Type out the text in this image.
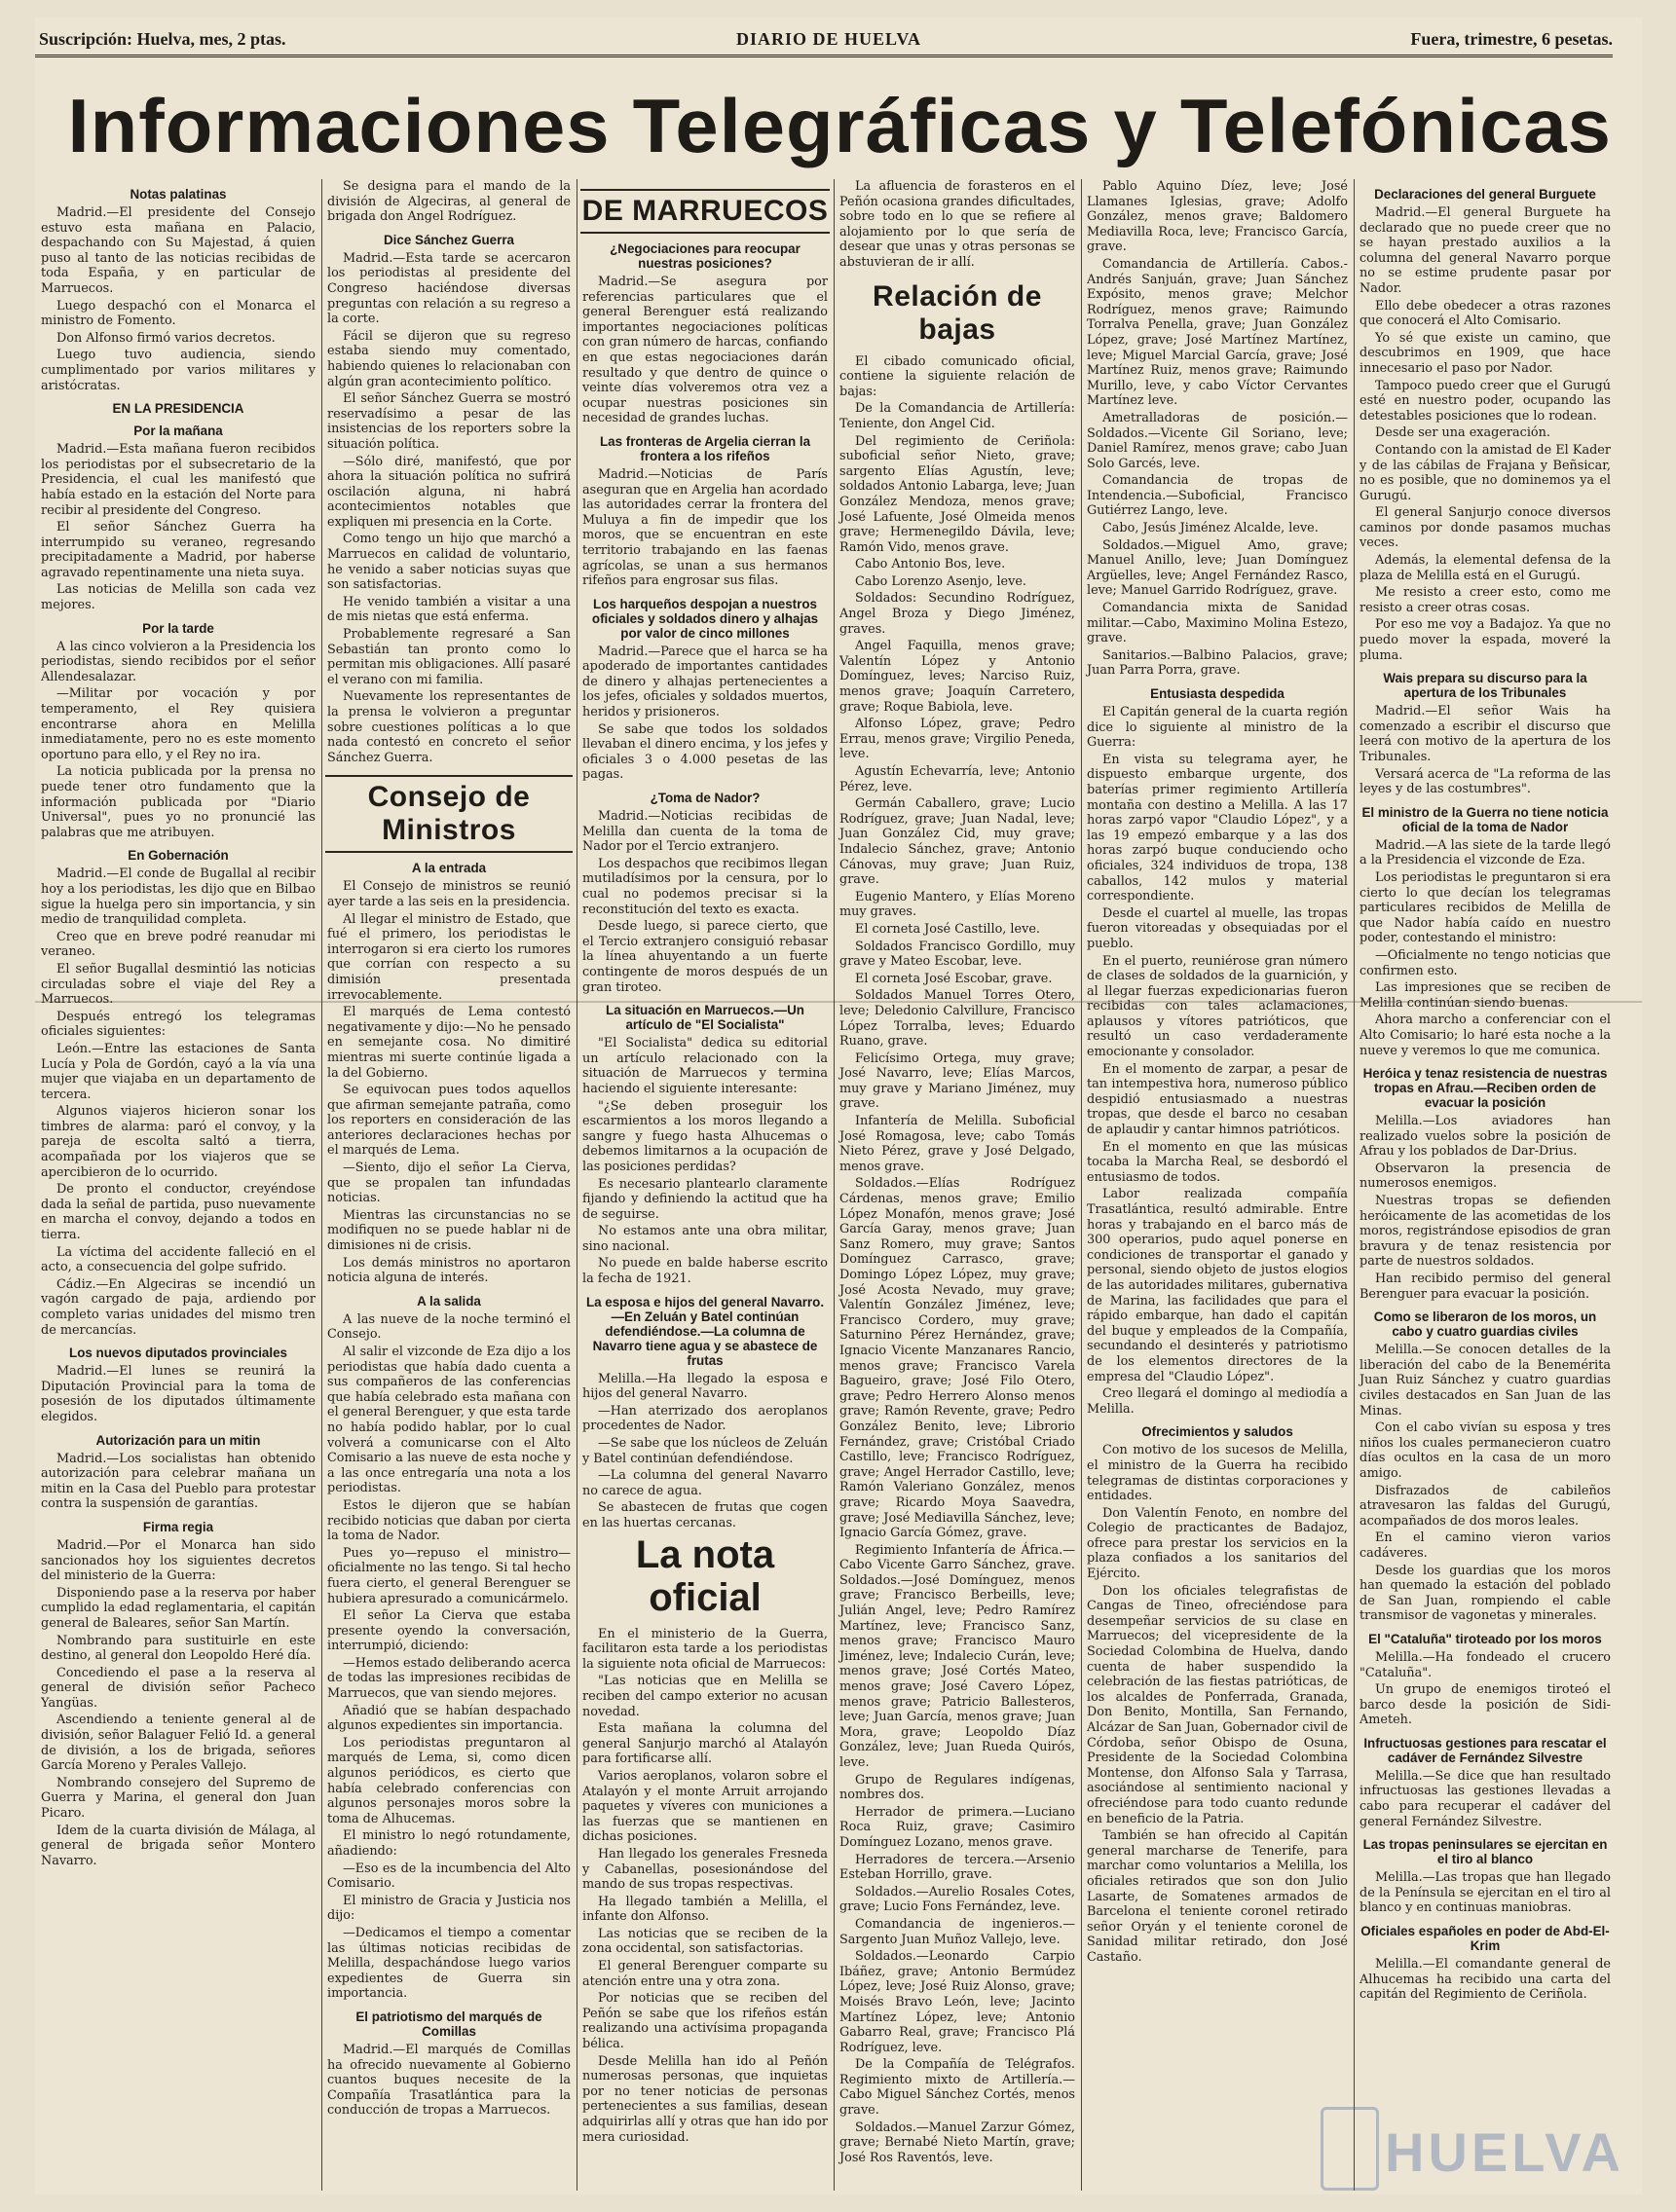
Suscripción: Huelva, mes, 2 ptas.	DIARIO DE HUELVA	Fuera, trimestre, 6 pesetas.
Informaciones Telegráficas y Telefónicas
Notas palatinas

Madrid.—El presidente del Consejo estuvo esta mañana en Palacio, despachando con Su Majestad, á quien puso al tanto de las noticias recibidas de toda España, y en particular de Marruecos.

Luego despachó con el Monarca el ministro de Fomento.

Don Alfonso firmó varios decretos.

Luego tuvo audiencia, siendo cumplimentado por varios militares y aristócratas.

EN LA PRESIDENCIA
Por la mañana

Madrid.—Esta mañana fueron recibidos los periodistas por el subsecretario de la Presidencia, el cual les manifestó que había estado en la estación del Norte para recibir al presidente del Congreso.

El señor Sánchez Guerra ha interrumpido su veraneo, regresando precipitadamente a Madrid, por haberse agravado repentinamente una nieta suya.

Las noticias de Melilla son cada vez mejores.

Por la tarde

A las cinco volvieron a la Presidencia los periodistas, siendo recibidos por el señor Allendesalazar.

—Militar por vocación y por temperamento, el Rey quisiera encontrarse ahora en Melilla inmediatamente, pero no es este momento oportuno para ello, y el Rey no ira.

La noticia publicada por la prensa no puede tener otro fundamento que la información publicada por "Diario Universal", pues yo no pronuncié las palabras que me atribuyen.

En Gobernación

Madrid.—El conde de Bugallal al recibir hoy a los periodistas, les dijo que en Bilbao sigue la huelga pero sin importancia, y sin medio de tranquilidad completa.

Creo que en breve podré reanudar mi veraneo.

El señor Bugallal desmintió las noticias circuladas sobre el viaje del Rey a Marruecos.

Después entregó los telegramas oficiales siguientes:

León.—Entre las estaciones de Santa Lucía y Pola de Gordón, cayó a la vía una mujer que viajaba en un departamento de tercera.

Algunos viajeros hicieron sonar los timbres de alarma: paró el convoy, y la pareja de escolta saltó a tierra, acompañada por los viajeros que se apercibieron de lo ocurrido.

De pronto el conductor, creyéndose dada la señal de partida, puso nuevamente en marcha el convoy, dejando a todos en tierra.

La víctima del accidente falleció en el acto, a consecuencia del golpe sufrido.

Cádiz.—En Algeciras se incendió un vagón cargado de paja, ardiendo por completo varias unidades del mismo tren de mercancías.

Los nuevos diputados provinciales

Madrid.—El lunes se reunirá la Diputación Provincial para la toma de posesión de los diputados últimamente elegidos.

Autorización para un mitin

Madrid.—Los socialistas han obtenido autorización para celebrar mañana un mitin en la Casa del Pueblo para protestar contra la suspensión de garantías.

Firma regia

Madrid.—Por el Monarca han sido sancionados hoy los siguientes decretos del ministerio de la Guerra:

Disponiendo pase a la reserva por haber cumplido la edad reglamentaria, el capitán general de Baleares, señor San Martín.

Nombrando para sustituirle en este destino, al general don Leopoldo Heré día.

Concediendo el pase a la reserva al general de división señor Pacheco Yangüas.

Ascendiendo a teniente general al de división, señor Balaguer Felió Id. a general de división, a los de brigada, señores García Moreno y Perales Vallejo.

Nombrando consejero del Supremo de Guerra y Marina, el general don Juan Picaro.

Idem de la cuarta división de Málaga, al general de brigada señor Montero Navarro.

Se designa para el mando de la división de Algeciras, al general de brigada don Angel Rodríguez.

Dice Sánchez Guerra

Madrid.—Esta tarde se acercaron los periodistas al presidente del Congreso haciéndose diversas preguntas con relación a su regreso a la corte.

Fácil se dijeron que su regreso estaba siendo muy comentado, habiendo quienes lo relacionaban con algún gran acontecimiento político.

El señor Sánchez Guerra se mostró reservadísimo a pesar de las insistencias de los reporters sobre la situación política.

—Sólo diré, manifestó, que por ahora la situación política no sufrirá oscilación alguna, ni habrá acontecimientos notables que expliquen mi presencia en la Corte.

Como tengo un hijo que marchó a Marruecos en calidad de voluntario, he venido a saber noticias suyas que son satisfactorias.

He venido también a visitar a una de mis nietas que está enferma.

Probablemente regresaré a San Sebastián tan pronto como lo permitan mis obligaciones. Allí pasaré el verano con mi familia.

Nuevamente los representantes de la prensa le volvieron a preguntar sobre cuestiones políticas a lo que nada contestó en concreto el señor Sánchez Guerra.

Consejo de Ministros
A la entrada

El Consejo de ministros se reunió ayer tarde a las seis en la presidencia.

Al llegar el ministro de Estado, que fué el primero, los periodistas le interrogaron si era cierto los rumores que corrían con respecto a su dimisión presentada irrevocablemente.

El marqués de Lema contestó negativamente y dijo:—No he pensado en semejante cosa. No dimitiré mientras mi suerte continúe ligada a la del Gobierno.

Se equivocan pues todos aquellos que afirman semejante patraña, como los reporters en consideración de las anteriores declaraciones hechas por el marqués de Lema.

—Siento, dijo el señor La Cierva, que se propalen tan infundadas noticias.

Mientras las circunstancias no se modifiquen no se puede hablar ni de dimisiones ni de crisis.

Los demás ministros no aportaron noticia alguna de interés.

A la salida

A las nueve de la noche terminó el Consejo.

Al salir el vizconde de Eza dijo a los periodistas que había dado cuenta a sus compañeros de las conferencias que había celebrado esta mañana con el general Berenguer, y que esta tarde no había podido hablar, por lo cual volverá a comunicarse con el Alto Comisario a las nueve de esta noche y a las once entregaría una nota a los periodistas.

Estos le dijeron que se habían recibido noticias que daban por cierta la toma de Nador.

Pues yo—repuso el ministro—oficialmente no las tengo. Si tal hecho fuera cierto, el general Berenguer se hubiera apresurado a comunicármelo.

El señor La Cierva que estaba presente oyendo la conversación, interrumpió, diciendo:

—Hemos estado deliberando acerca de todas las impresiones recibidas de Marruecos, que van siendo mejores.

Añadió que se habían despachado algunos expedientes sin importancia.

Los periodistas preguntaron al marqués de Lema, si, como dicen algunos periódicos, es cierto que había celebrado conferencias con algunos personajes moros sobre la toma de Alhucemas.

El ministro lo negó rotundamente, añadiendo:

—Eso es de la incumbencia del Alto Comisario.

El ministro de Gracia y Justicia nos dijo:

—Dedicamos el tiempo a comentar las últimas noticias recibidas de Melilla, despachándose luego varios expedientes de Guerra sin importancia.

El patriotismo del marqués de Comillas

Madrid.—El marqués de Comillas ha ofrecido nuevamente al Gobierno cuantos buques necesite de la Compañía Trasatlántica para la conducción de tropas a Marruecos.

DE MARRUECOS
¿Negociaciones para reocupar nuestras posiciones?

Madrid.—Se asegura por referencias particulares que el general Berenguer está realizando importantes negociaciones políticas con gran número de harcas, confiando en que estas negociaciones darán resultado y que dentro de quince o veinte días volveremos otra vez a ocupar nuestras posiciones sin necesidad de grandes luchas.

Las fronteras de Argelia cierran la frontera a los rifeños

Madrid.—Noticias de París aseguran que en Argelia han acordado las autoridades cerrar la frontera del Muluya a fin de impedir que los moros, que se encuentran en este territorio trabajando en las faenas agrícolas, se unan a sus hermanos rifeños para engrosar sus filas.

Los harqueños despojan a nuestros oficiales y soldados dinero y alhajas por valor de cinco millones

Madrid.—Parece que el harca se ha apoderado de importantes cantidades de dinero y alhajas pertenecientes a los jefes, oficiales y soldados muertos, heridos y prisioneros.

Se sabe que todos los soldados llevaban el dinero encima, y los jefes y oficiales 3 o 4.000 pesetas de las pagas.

¿Toma de Nador?

Madrid.—Noticias recibidas de Melilla dan cuenta de la toma de Nador por el Tercio extranjero.

Los despachos que recibimos llegan mutiladísimos por la censura, por lo cual no podemos precisar si la reconstitución del texto es exacta.

Desde luego, si parece cierto, que el Tercio extranjero consiguió rebasar la línea ahuyentando a un fuerte contingente de moros después de un gran tiroteo.

La situación en Marruecos.—Un artículo de "El Socialista"

"El Socialista" dedica su editorial un artículo relacionado con la situación de Marruecos y termina haciendo el siguiente interesante:

"¿Se deben proseguir los escarmientos a los moros llegando a sangre y fuego hasta Alhucemas o debemos limitarnos a la ocupación de las posiciones perdidas?

Es necesario plantearlo claramente fijando y definiendo la actitud que ha de seguirse.

No estamos ante una obra militar, sino nacional.

No puede en balde haberse escrito la fecha de 1921.

La esposa e hijos del general Navarro.—En Zeluán y Batel continúan defendiéndose.—La columna de Navarro tiene agua y se abastece de frutas

Melilla.—Ha llegado la esposa e hijos del general Navarro.

—Han aterrizado dos aeroplanos procedentes de Nador.

—Se sabe que los núcleos de Zeluán y Batel continúan defendiéndose.

—La columna del general Navarro no carece de agua.

Se abastecen de frutas que cogen en las huertas cercanas.

La nota oficial

En el ministerio de la Guerra, facilitaron esta tarde a los periodistas la siguiente nota oficial de Marruecos:

"Las noticias que en Melilla se reciben del campo exterior no acusan novedad.

Esta mañana la columna del general Sanjurjo marchó al Atalayón para fortificarse allí.

Varios aeroplanos, volaron sobre el Atalayón y el monte Arruit arrojando paquetes y víveres con municiones a las fuerzas que se mantienen en dichas posiciones.

Han llegado los generales Fresneda y Cabanellas, posesionándose del mando de sus tropas respectivas.

Ha llegado también a Melilla, el infante don Alfonso.

Las noticias que se reciben de la zona occidental, son satisfactorias.

El general Berenguer comparte su atención entre una y otra zona.

Por noticias que se reciben del Peñón se sabe que los rifeños están realizando una activísima propaganda bélica.

Desde Melilla han ido al Peñón numerosas personas, que inquietas por no tener noticias de personas pertenecientes a sus familias, desean adquirirlas allí y otras que han ido por mera curiosidad.

La afluencia de forasteros en el Peñón ocasiona grandes dificultades, sobre todo en lo que se refiere al alojamiento por lo que sería de desear que unas y otras personas se abstuvieran de ir allí.

Relación de bajas

El cibado comunicado oficial, contiene la siguiente relación de bajas:

De la Comandancia de Artillería: Teniente, don Angel Cid.

Del regimiento de Ceriñola: suboficial señor Nieto, grave; sargento Elías Agustín, leve; soldados Antonio Labarga, leve; Juan González Mendoza, menos grave; José Lafuente, José Olmeida menos grave; Hermenegildo Dávila, leve; Ramón Vido, menos grave.

Cabo Antonio Bos, leve.

Cabo Lorenzo Asenjo, leve.

Soldados: Secundino Rodríguez, Angel Broza y Diego Jiménez, graves.

Angel Faquilla, menos grave; Valentín López y Antonio Domínguez, leves; Narciso Ruiz, menos grave; Joaquín Carretero, grave; Roque Babiola, leve.

Alfonso López, grave; Pedro Errau, menos grave; Virgilio Peneda, leve.

Agustín Echevarría, leve; Antonio Pérez, leve.

Germán Caballero, grave; Lucio Rodríguez, grave; Juan Nadal, leve; Juan González Cid, muy grave; Indalecio Sánchez, grave; Antonio Cánovas, muy grave; Juan Ruiz, grave.

Eugenio Mantero, y Elías Moreno muy graves.

El corneta José Castillo, leve.

Soldados Francisco Gordillo, muy grave y Mateo Escobar, leve.

El corneta José Escobar, grave.

Soldados Manuel Torres Otero, leve; Deledonio Calvillure, Francisco López Torralba, leves; Eduardo Ruano, grave.

Felicísimo Ortega, muy grave; José Navarro, leve; Elías Marcos, muy grave y Mariano Jiménez, muy grave.

Infantería de Melilla. Suboficial José Romagosa, leve; cabo Tomás Nieto Pérez, grave y José Delgado, menos grave.

Soldados.—Elías Rodríguez Cárdenas, menos grave; Emilio López Monafón, menos grave; José García Garay, menos grave; Juan Sanz Romero, muy grave; Santos Domínguez Carrasco, grave; Domingo López López, muy grave; José Acosta Nevado, muy grave; Valentín González Jiménez, leve; Francisco Cordero, muy grave; Saturnino Pérez Hernández, grave; Ignacio Vicente Manzanares Rancio, menos grave; Francisco Varela Bagueiro, grave; José Filo Otero, grave; Pedro Herrero Alonso menos grave; Ramón Revente, grave; Pedro González Benito, leve; Librorio Fernández, grave; Cristóbal Criado Castillo, leve; Francisco Rodríguez, grave; Angel Herrador Castillo, leve; Ramón Valeriano González, menos grave; Ricardo Moya Saavedra, grave; José Mediavilla Sánchez, leve; Ignacio García Gómez, grave.

Regimiento Infantería de África.—Cabo Vicente Garro Sánchez, grave. Soldados.—José Domínguez, menos grave; Francisco Berbeills, leve; Julián Angel, leve; Pedro Ramírez Martínez, leve; Francisco Sanz, menos grave; Francisco Mauro Jiménez, leve; Indalecio Curán, leve; menos grave; José Cortés Mateo, menos grave; José Cavero López, menos grave; Patricio Ballesteros, leve; Juan García, menos grave; Juan Mora, grave; Leopoldo Díaz González, leve; Juan Rueda Quirós, leve.

Grupo de Regulares indígenas, nombres dos.

Herrador de primera.—Luciano Roca Ruiz, grave; Casimiro Domínguez Lozano, menos grave.

Herradores de tercera.—Arsenio Esteban Horrillo, grave.

Soldados.—Aurelio Rosales Cotes, grave; Lucio Fons Fernández, leve.

Comandancia de ingenieros.—Sargento Juan Muñoz Vallejo, leve.

Soldados.—Leonardo Carpio Ibáñez, grave; Antonio Bermúdez López, leve; José Ruiz Alonso, grave; Moisés Bravo León, leve; Jacinto Martínez López, leve; Antonio Gabarro Real, grave; Francisco Plá Rodríguez, leve.

De la Compañía de Telégrafos. Regimiento mixto de Artillería.—Cabo Miguel Sánchez Cortés, menos grave.

Soldados.—Manuel Zarzur Gómez, grave; Bernabé Nieto Martín, grave; José Ros Raventós, leve.

Pablo Aquino Díez, leve; José Llamanes Iglesias, grave; Adolfo González, menos grave; Baldomero Mediavilla Roca, leve; Francisco García, grave.

Comandancia de Artillería. Cabos.-Andrés Sanjuán, grave; Juan Sánchez Expósito, menos grave; Melchor Rodríguez, menos grave; Raimundo Torralva Penella, grave; Juan González López, grave; José Martínez Martínez, leve; Miguel Marcial García, grave; José Martínez Ruiz, menos grave; Raimundo Murillo, leve, y cabo Víctor Cervantes Martínez leve.

Ametralladoras de posición.—Soldados.—Vicente Gil Soriano, leve; Daniel Ramírez, menos grave; cabo Juan Solo Garcés, leve.

Comandancia de tropas de Intendencia.—Suboficial, Francisco Gutiérrez Lango, leve.

Cabo, Jesús Jiménez Alcalde, leve.

Soldados.—Miguel Amo, grave; Manuel Anillo, leve; Juan Domínguez Argüelles, leve; Angel Fernández Rasco, leve; Manuel Garrido Rodríguez, grave.

Comandancia mixta de Sanidad militar.—Cabo, Maximino Molina Estezo, grave.

Sanitarios.—Balbino Palacios, grave; Juan Parra Porra, grave.

Entusiasta despedida

El Capitán general de la cuarta región dice lo siguiente al ministro de la Guerra:

En vista su telegrama ayer, he dispuesto embarque urgente, dos baterías primer regimiento Artillería montaña con destino a Melilla. A las 17 horas zarpó vapor "Claudio López", y a las 19 empezó embarque y a las dos horas zarpó buque conduciendo ocho oficiales, 324 individuos de tropa, 138 caballos, 142 mulos y material correspondiente.

Desde el cuartel al muelle, las tropas fueron vitoreadas y obsequiadas por el pueblo.

En el puerto, reuniérose gran número de clases de soldados de la guarnición, y al llegar fuerzas expedicionarias fueron recibidas con tales aclamaciones, aplausos y vítores patrióticos, que resultó un caso verdaderamente emocionante y consolador.

En el momento de zarpar, a pesar de tan intempestiva hora, numeroso público despidió entusiasmado a nuestras tropas, que desde el barco no cesaban de aplaudir y cantar himnos patrióticos.

En el momento en que las músicas tocaba la Marcha Real, se desbordó el entusiasmo de todos.

Labor realizada compañía Trasatlántica, resultó admirable. Entre horas y trabajando en el barco más de 300 operarios, pudo aquel ponerse en condiciones de transportar el ganado y personal, siendo objeto de justos elogios de las autoridades militares, gubernativa de Marina, las facilidades que para el rápido embarque, han dado el capitán del buque y empleados de la Compañía, secundando el desinterés y patriotismo de los elementos directores de la empresa del "Claudio López".

Creo llegará el domingo al mediodía a Melilla.

Ofrecimientos y saludos

Con motivo de los sucesos de Melilla, el ministro de la Guerra ha recibido telegramas de distintas corporaciones y entidades.

Don Valentín Fenoto, en nombre del Colegio de practicantes de Badajoz, ofrece para prestar los servicios en la plaza confiados a los sanitarios del Ejército.

Don los oficiales telegrafistas de Cangas de Tineo, ofreciéndose para desempeñar servicios de su clase en Marruecos; del vicepresidente de la Sociedad Colombina de Huelva, dando cuenta de haber suspendido la celebración de las fiestas patrióticas, de los alcaldes de Ponferrada, Granada, Don Benito, Montilla, San Fernando, Alcázar de San Juan, Gobernador civil de Córdoba, señor Obispo de Osuna, Presidente de la Sociedad Colombina Montense, don Alfonso Sala y Tarrasa, asociándose al sentimiento nacional y ofreciéndose para todo cuanto redunde en beneficio de la Patria.

También se han ofrecido al Capitán general marcharse de Tenerife, para marchar como voluntarios a Melilla, los oficiales retirados que son don Julio Lasarte, de Somatenes armados de Barcelona el teniente coronel retirado señor Oryán y el teniente coronel de Sanidad militar retirado, don José Castaño.

Declaraciones del general Burguete

Madrid.—El general Burguete ha declarado que no puede creer que no se hayan prestado auxilios a la columna del general Navarro porque no se estime prudente pasar por Nador.

Ello debe obedecer a otras razones que conocerá el Alto Comisario.

Yo sé que existe un camino, que descubrimos en 1909, que hace innecesario el paso por Nador.

Tampoco puedo creer que el Gurugú esté en nuestro poder, ocupando las detestables posiciones que lo rodean.

Desde ser una exageración.

Contando con la amistad de El Kader y de las cábilas de Frajana y Beñsicar, no es posible, que no dominemos ya el Gurugú.

El general Sanjurjo conoce diversos caminos por donde pasamos muchas veces.

Además, la elemental defensa de la plaza de Melilla está en el Gurugú.

Me resisto a creer esto, como me resisto a creer otras cosas.

Por eso me voy a Badajoz. Ya que no puedo mover la espada, moveré la pluma.

Wais prepara su discurso para la apertura de los Tribunales

Madrid.—El señor Wais ha comenzado a escribir el discurso que leerá con motivo de la apertura de los Tribunales.

Versará acerca de "La reforma de las leyes y de las costumbres".

El ministro de la Guerra no tiene noticia oficial de la toma de Nador

Madrid.—A las siete de la tarde llegó a la Presidencia el vizconde de Eza.

Los periodistas le preguntaron si era cierto lo que decían los telegramas particulares recibidos de Melilla de que Nador había caído en nuestro poder, contestando el ministro:

—Oficialmente no tengo noticias que confirmen esto.

Las impresiones que se reciben de Melilla continúan siendo buenas.

Ahora marcho a conferenciar con el Alto Comisario; lo haré esta noche a la nueve y veremos lo que me comunica.

Heróica y tenaz resistencia de nuestras tropas en Afrau.—Reciben orden de evacuar la posición

Melilla.—Los aviadores han realizado vuelos sobre la posición de Afrau y los poblados de Dar-Drius.

Observaron la presencia de numerosos enemigos.

Nuestras tropas se defienden heróicamente de las acometidas de los moros, registrándose episodios de gran bravura y de tenaz resistencia por parte de nuestros soldados.

Han recibido permiso del general Berenguer para evacuar la posición.

Como se liberaron de los moros, un cabo y cuatro guardias civiles

Melilla.—Se conocen detalles de la liberación del cabo de la Benemérita Juan Ruiz Sánchez y cuatro guardias civiles destacados en San Juan de las Minas.

Con el cabo vivían su esposa y tres niños los cuales permanecieron cuatro días ocultos en la casa de un moro amigo.

Disfrazados de cabileños atravesaron las faldas del Gurugú, acompañados de dos moros leales.

En el camino vieron varios cadáveres.

Desde los guardias que los moros han quemado la estación del poblado de San Juan, rompiendo el cable transmisor de vagonetas y minerales.

El "Cataluña" tiroteado por los moros

Melilla.—Ha fondeado el crucero "Cataluña".

Un grupo de enemigos tiroteó el barco desde la posición de Sidi-Ameteh.

Infructuosas gestiones para rescatar el cadáver de Fernández Silvestre

Melilla.—Se dice que han resultado infructuosas las gestiones llevadas a cabo para recuperar el cadáver del general Fernández Silvestre.

Las tropas peninsulares se ejercitan en el tiro al blanco

Melilla.—Las tropas que han llegado de la Península se ejercitan en el tiro al blanco y en continuas maniobras.

Oficiales españoles en poder de Abd-El-Krim

Melilla.—El comandante general de Alhucemas ha recibido una carta del capitán del Regimiento de Ceriñola.

HUELVA
